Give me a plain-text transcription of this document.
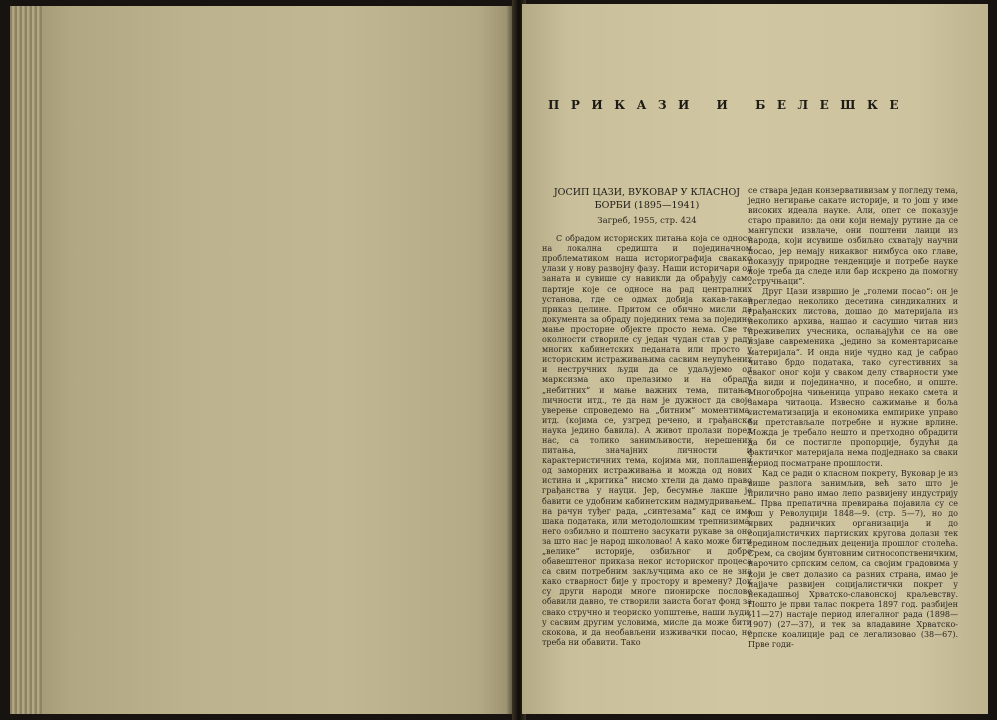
ПРИКАЗИ И БЕЛЕШКЕ
ЈОСИП ЦАЗИ, ВУКОВАР У КЛАСНОЈ БОРБИ (1895—1941)
Загреб, 1955, стр. 424

С обрадом историских питања која се односе на локална средишта и појединачном проблематиком наша историографија свакако улази у нову развојну фазу. Наши историчари од заната и сувише су навикли да обрађују само партије које се односе на рад централних установа, где се одмах добија какав-такав приказ целине. Притом се обично мисли да документа за обраду појединих тема за поједине мање просторне објекте просто нема. Све те околности створиле су један чудан став у раду многих кабинетских педаната или просто у историским истраживањима сасвим неупућених и нестручних људи да се удаљујемо од марксизма ако прелазимо и на обраду „небитних“ и мање важних тема, питања, личности итд., те да нам је дужност да своје уверење спроведемо на „битним“ моментима, итд. (којима се, узгред речено, и грађанска наука једино бавила). А живот пролази поред нас, са толико занимљивости, нерешених питања, значајних личности и карактеристичних тема, којима ми, поплашени од заморних истраживања и можда од нових истина и „критика“ нисмо хтели да дамо право грађанства у науци. Јер, бесумње лакше је бавити се удобним кабинетским надмудривањем на рачун туђег рада, „синтезама“ кад се има шака података, или методолошким трепнизима, него озбиљно и поштено засукати рукаве за оно за што нас је народ школовао! А како може бити „велике“ историје, озбиљног и добро обавештеног приказа неког историског процеса са свим потребним закључцима ако се не зна како стварност бије у простору и времену? Док су други народи многе пионирске послове обавили давно, те створили заиста богат фонд за свако стручно и теориско уопштење, наши људи, у сасвим другим условима, мисле да може бити скокова, и да необављени изживачки посао, не треба ни обавити. Тако

се ствара један конзервативизам у погледу тема, једно негирање сакате историје, и то још у име високих идеала науке. Али, опет се показује старо правило: да они који немају рутине да се мангупски извлаче, они поштени лаици из народа, који исувише озбиљно схватају научни посао, јер немају никаквог нимбуса око главе, показују природне тенденције и потребе науке које треба да следе или бар искрено да помогну „стручњаци“.

Друг Цази извршио је „големи посао“: он је прегледао неколико десетина синдикалних и грађанских листова, дошао до материјала из неколико архива, нашао и сасушио читав низ преживелих учесника, ослањајући се на ове изјаве савременика „једино за коментарисање материјала“. И онда није чудно кад је сабрао читаво брдо података, тако сугестивних за сваког оног који у сваком делу стварности уме да види и појединачно, и посебно, и опште. Многобројна чињеница управо некако смета и замара читаоца. Извесно сажимање и боља систематизација и економика емпирике управо би претстављале потребне и нужне врлине. Можда је требало нешто и претходно обрадити да би се постигле пропорције, будући да фактичког материјала нема подједнако за сваки период посматране прошлости.

Кад се ради о класном покрету, Вуковар је из више разлога занимљив, већ зато што је прилично рано имао лепо развијену индустрију — Прва препатична превирања појавила су се још у Револуцији 1848—9. (стр. 5—7), но до првих радничких организација и до социјалистичких партиских кругова долази тек средином последњих деценија прошлог столећа. Срем, са својим бунтовним ситносопственичким, нарочито српским селом, са својим градовима у који је свет долазио са разних страна, имао је најјаче развијен социјалистички покрет у некадашњој Хрватско-славонској краљевству. Пошто је први талас покрета 1897 год. разбијен (11—27) настаје период илегалног рада (1898—1907) (27—37), и тек за владавине Хрватско-српске коалиције рад се легализовао (38—67). Прве годи-
